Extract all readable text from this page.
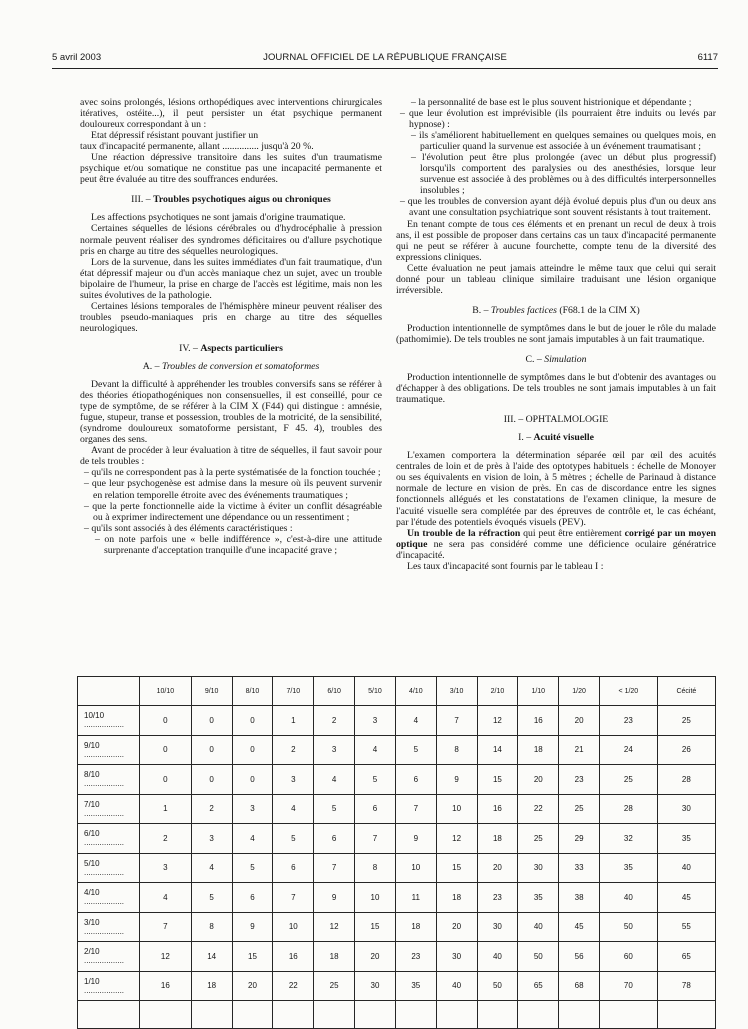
5 avril 2003	JOURNAL OFFICIEL DE LA RÉPUBLIQUE FRANÇAISE	6117

avec soins prolongés, lésions orthopédiques avec interventions chirurgicales itératives, ostéite...), il peut persister un état psychique permanent douloureux correspondant à un :

Etat dépressif résistant pouvant justifier un

taux d'incapacité permanente, allant ............... jusqu'à 20 %.

Une réaction dépressive transitoire dans les suites d'un traumatisme psychique et/ou somatique ne constitue pas une incapacité permanente et peut être évaluée au titre des souffrances endurées.

III. – Troubles psychotiques aigus ou chroniques

Les affections psychotiques ne sont jamais d'origine traumatique.

Certaines séquelles de lésions cérébrales ou d'hydrocéphalie à pression normale peuvent réaliser des syndromes déficitaires ou d'allure psychotique pris en charge au titre des séquelles neurologiques.

Lors de la survenue, dans les suites immédiates d'un fait traumatique, d'un état dépressif majeur ou d'un accès maniaque chez un sujet, avec un trouble bipolaire de l'humeur, la prise en charge de l'accès est légitime, mais non les suites évolutives de la pathologie.

Certaines lésions temporales de l'hémisphère mineur peuvent réaliser des troubles pseudo-maniaques pris en charge au titre des séquelles neurologiques.

IV. – Aspects particuliers

A. – Troubles de conversion et somatoformes

Devant la difficulté à appréhender les troubles conversifs sans se référer à des théories étiopathogéniques non consensuelles, il est conseillé, pour ce type de symptôme, de se référer à la CIM X (F44) qui distingue : amnésie, fugue, stupeur, transe et possession, troubles de la motricité, de la sensibilité, (syndrome douloureux somatoforme persistant, F 45. 4), troubles des organes des sens.

Avant de procéder à leur évaluation à titre de séquelles, il faut savoir pour de tels troubles :

– qu'ils ne correspondent pas à la perte systématisée de la fonction touchée ;

– que leur psychogenèse est admise dans la mesure où ils peuvent survenir en relation temporelle étroite avec des événements traumatiques ;

– que la perte fonctionnelle aide la victime à éviter un conflit désagréable ou à exprimer indirectement une dépendance ou un ressentiment ;

– qu'ils sont associés à des éléments caractéristiques :

– on note parfois une « belle indifférence », c'est-à-dire une attitude surprenante d'acceptation tranquille d'une incapacité grave ;

– la personnalité de base est le plus souvent histrionique et dépendante ;

– que leur évolution est imprévisible (ils pourraient être induits ou levés par hypnose) :

– ils s'améliorent habituellement en quelques semaines ou quelques mois, en particulier quand la survenue est associée à un événement traumatisant ;

– l'évolution peut être plus prolongée (avec un début plus progressif) lorsqu'ils comportent des paralysies ou des anesthésies, lorsque leur survenue est associée à des problèmes ou à des difficultés interpersonnelles insolubles ;

– que les troubles de conversion ayant déjà évolué depuis plus d'un ou deux ans avant une consultation psychiatrique sont souvent résistants à tout traitement.

En tenant compte de tous ces éléments et en prenant un recul de deux à trois ans, il est possible de proposer dans certains cas un taux d'incapacité permanente qui ne peut se référer à aucune fourchette, compte tenu de la diversité des expressions cliniques.

Cette évaluation ne peut jamais atteindre le même taux que celui qui serait donné pour un tableau clinique similaire traduisant une lésion organique irréversible.

B. – Troubles factices (F68.1 de la CIM X)

Production intentionnelle de symptômes dans le but de jouer le rôle du malade (pathomimie). De tels troubles ne sont jamais imputables à un fait traumatique.

C. – Simulation

Production intentionnelle de symptômes dans le but d'obtenir des avantages ou d'échapper à des obligations. De tels troubles ne sont jamais imputables à un fait traumatique.

III. – OPHTALMOLOGIE

I. – Acuité visuelle

L'examen comportera la détermination séparée œil par œil des acuités centrales de loin et de près à l'aide des optotypes habituels : échelle de Monoyer ou ses équivalents en vision de loin, à 5 mètres ; échelle de Parinaud à distance normale de lecture en vision de près. En cas de discordance entre les signes fonctionnels allégués et les constatations de l'examen clinique, la mesure de l'acuité visuelle sera complétée par des épreuves de contrôle et, le cas échéant, par l'étude des potentiels évoqués visuels (PEV).

Un trouble de la réfraction qui peut être entièrement corrigé par un moyen optique ne sera pas considéré comme une déficience oculaire génératrice d'incapacité.

Les taux d'incapacité sont fournis par le tableau I :

	10/10	9/10	8/10	7/10	6/10	5/10	4/10	3/10	2/10	1/10	1/20	< 1/20	Cécité
10/10 ..................	0	0	0	1	2	3	4	7	12	16	20	23	25
9/10 ..................	0	0	0	2	3	4	5	8	14	18	21	24	26
8/10 ..................	0	0	0	3	4	5	6	9	15	20	23	25	28
7/10 ..................	1	2	3	4	5	6	7	10	16	22	25	28	30
6/10 ..................	2	3	4	5	6	7	9	12	18	25	29	32	35
5/10 ..................	3	4	5	6	7	8	10	15	20	30	33	35	40
4/10 ..................	4	5	6	7	9	10	11	18	23	35	38	40	45
3/10 ..................	7	8	9	10	12	15	18	20	30	40	45	50	55
2/10 ..................	12	14	15	16	18	20	23	30	40	50	56	60	65
1/10 ..................	16	18	20	22	25	30	35	40	50	65	68	70	78
